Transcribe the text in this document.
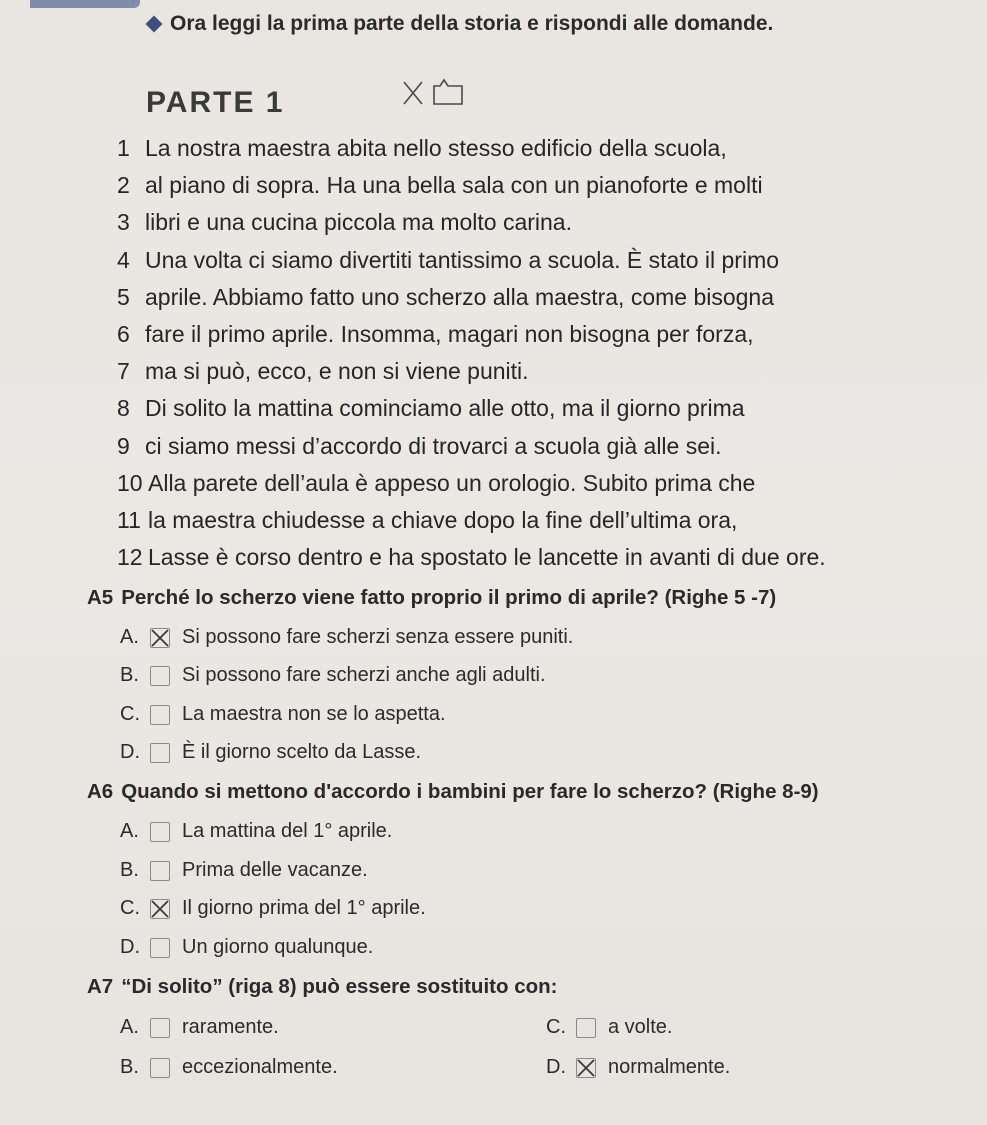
Ora leggi la prima parte della storia e rispondi alle domande.
PARTE 1
1 La nostra maestra abita nello stesso edificio della scuola,
2 al piano di sopra. Ha una bella sala con un pianoforte e molti
3 libri e una cucina piccola ma molto carina.
4 Una volta ci siamo divertiti tantissimo a scuola. È stato il primo
5 aprile. Abbiamo fatto uno scherzo alla maestra, come bisogna
6 fare il primo aprile. Insomma, magari non bisogna per forza,
7 ma si può, ecco, e non si viene puniti.
8 Di solito la mattina cominciamo alle otto, ma il giorno prima
9 ci siamo messi d’accordo di trovarci a scuola già alle sei.
10 Alla parete dell’aula è appeso un orologio. Subito prima che
11 la maestra chiudesse a chiave dopo la fine dell’ultima ora,
12 Lasse è corso dentro e ha spostato le lancette in avanti di due ore.
A5 Perché lo scherzo viene fatto proprio il primo di aprile? (Righe 5 -7)
A.	Si possono fare scherzi senza essere puniti.
B.	Si possono fare scherzi anche agli adulti.
C.	La maestra non se lo aspetta.
D.	È il giorno scelto da Lasse.
A6 Quando si mettono d'accordo i bambini per fare lo scherzo? (Righe 8-9)
A.	La mattina del 1° aprile.
B.	Prima delle vacanze.
C.	Il giorno prima del 1° aprile.
D.	Un giorno qualunque.
A7 “Di solito” (riga 8) può essere sostituito con:
A.	raramente.
B.	eccezionalmente.
C.	a volte.
D.	normalmente.
